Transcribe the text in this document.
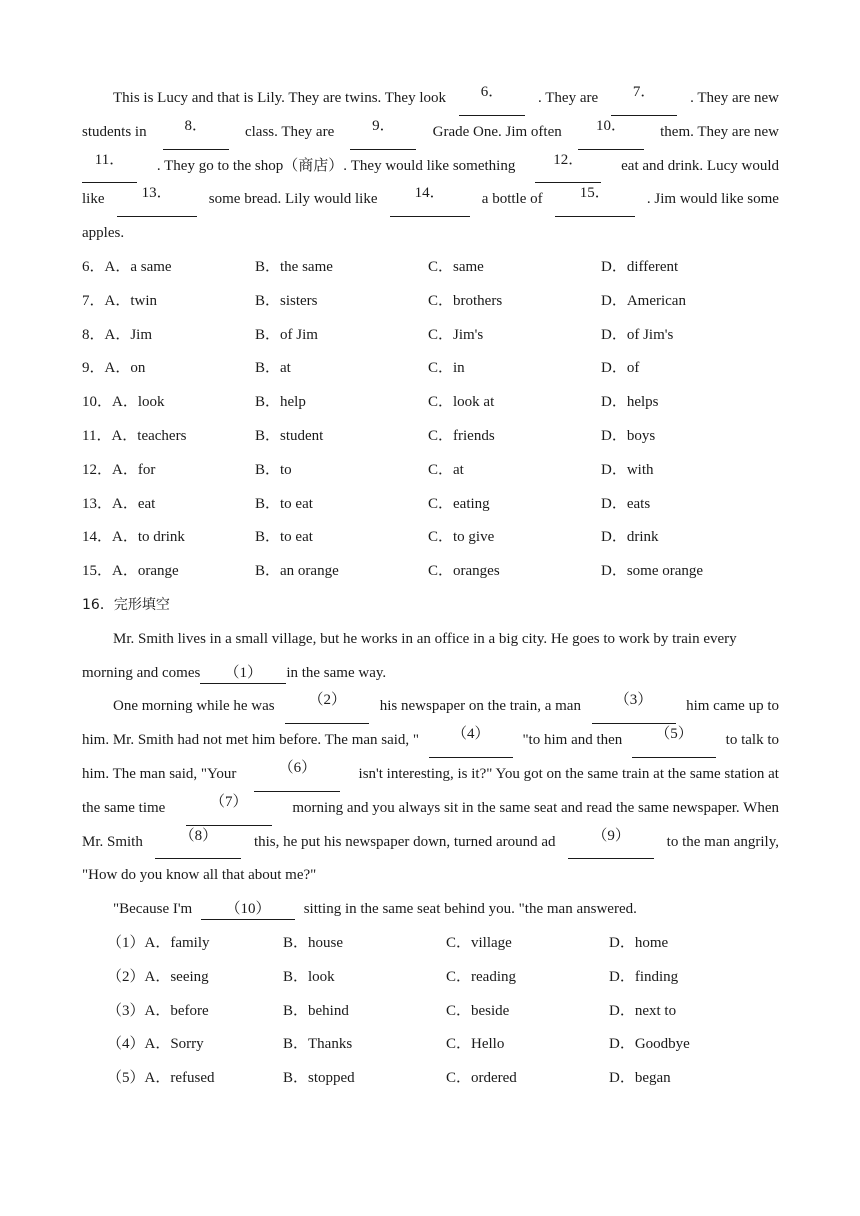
This is Lucy and that is Lily. They are twins. They look	6．	. They are	7．	. They are new
students in	8．	class. They are	9．	Grade One. Jim often	10．	them. They are new
11．	. They go to the shop（商店）. They would like something	12．	eat and drink. Lucy would
like	13．	some bread. Lily would like	14．	a bottle of	15．	. Jim would like some
apples.
6．A．a same	B．the same	C．same	D．different
7．A．twin	B．sisters	C．brothers	D．American
8．A．Jim	B．of Jim	C．Jim's	D．of Jim's
9．A．on	B．at	C．in	D．of
10．A．look	B．help	C．look at	D．helps
11．A．teachers	B．student	C．friends	D．boys
12．A．for	B．to	C．at	D．with
13．A．eat	B．to eat	C．eating	D．eats
14．A．to drink	B．to eat	C．to give	D．drink
15．A．orange	B．an orange	C．oranges	D．some orange
16．完形填空
Mr. Smith lives in a small village, but he works in an office in a big city. He goes to work by train every
morning and comes （1） in the same way.
One morning while he was	（2）	his newspaper on the train, a man	（3）	him came up to
him. Mr. Smith had not met him before. The man said, "	（4）	"to him and then	（5）	to talk to
him. The man said, "Your	（6）	isn't interesting, is it?" You got on the same train at the same station at
the same time	（7）	morning and you always sit in the same seat and read the same newspaper. When
Mr. Smith	（8）	this, he put his newspaper down, turned around ad	（9）	to the man angrily,
"How do you know all that about me?"
"Because I'm （10） sitting in the same seat behind you. "the man answered.
（1）A．family	B．house	C．village	D．home
（2）A．seeing	B．look	C．reading	D．finding
（3）A．before	B．behind	C．beside	D．next to
（4）A．Sorry	B．Thanks	C．Hello	D．Goodbye
（5）A．refused	B．stopped	C．ordered	D．began
